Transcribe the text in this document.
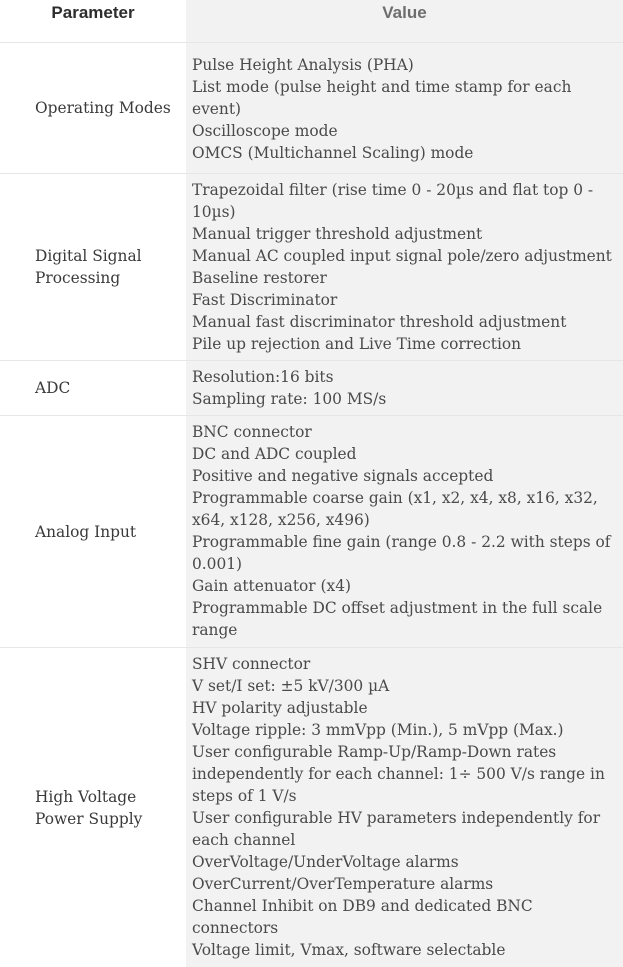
Parameter	Value
Operating Modes
Pulse Height Analysis (PHA)
List mode (pulse height and time stamp for each event)
Oscilloscope mode
OMCS (Multichannel Scaling) mode
Digital Signal Processing
Trapezoidal filter (rise time 0 - 20µs and flat top 0 - 10µs)
Manual trigger threshold adjustment
Manual AC coupled input signal pole/zero adjustment
Baseline restorer
Fast Discriminator
Manual fast discriminator threshold adjustment
Pile up rejection and Live Time correction
ADC
Resolution:16 bits
Sampling rate: 100 MS/s
Analog Input
BNC connector
DC and ADC coupled
Positive and negative signals accepted
Programmable coarse gain (x1, x2, x4, x8, x16, x32, x64, x128, x256, x496)
Programmable fine gain (range 0.8 - 2.2 with steps of 0.001)
Gain attenuator (x4)
Programmable DC offset adjustment in the full scale range
High Voltage Power Supply
SHV connector
V set/I set: ±5 kV/300 µA
HV polarity adjustable
Voltage ripple: 3 mmVpp (Min.), 5 mVpp (Max.)
User configurable Ramp-Up/Ramp-Down rates independently for each channel: 1÷ 500 V/s range in steps of 1 V/s
User configurable HV parameters independently for each channel
OverVoltage/UnderVoltage alarms
OverCurrent/OverTemperature alarms
Channel Inhibit on DB9 and dedicated BNC connectors
Voltage limit, Vmax, software selectable
